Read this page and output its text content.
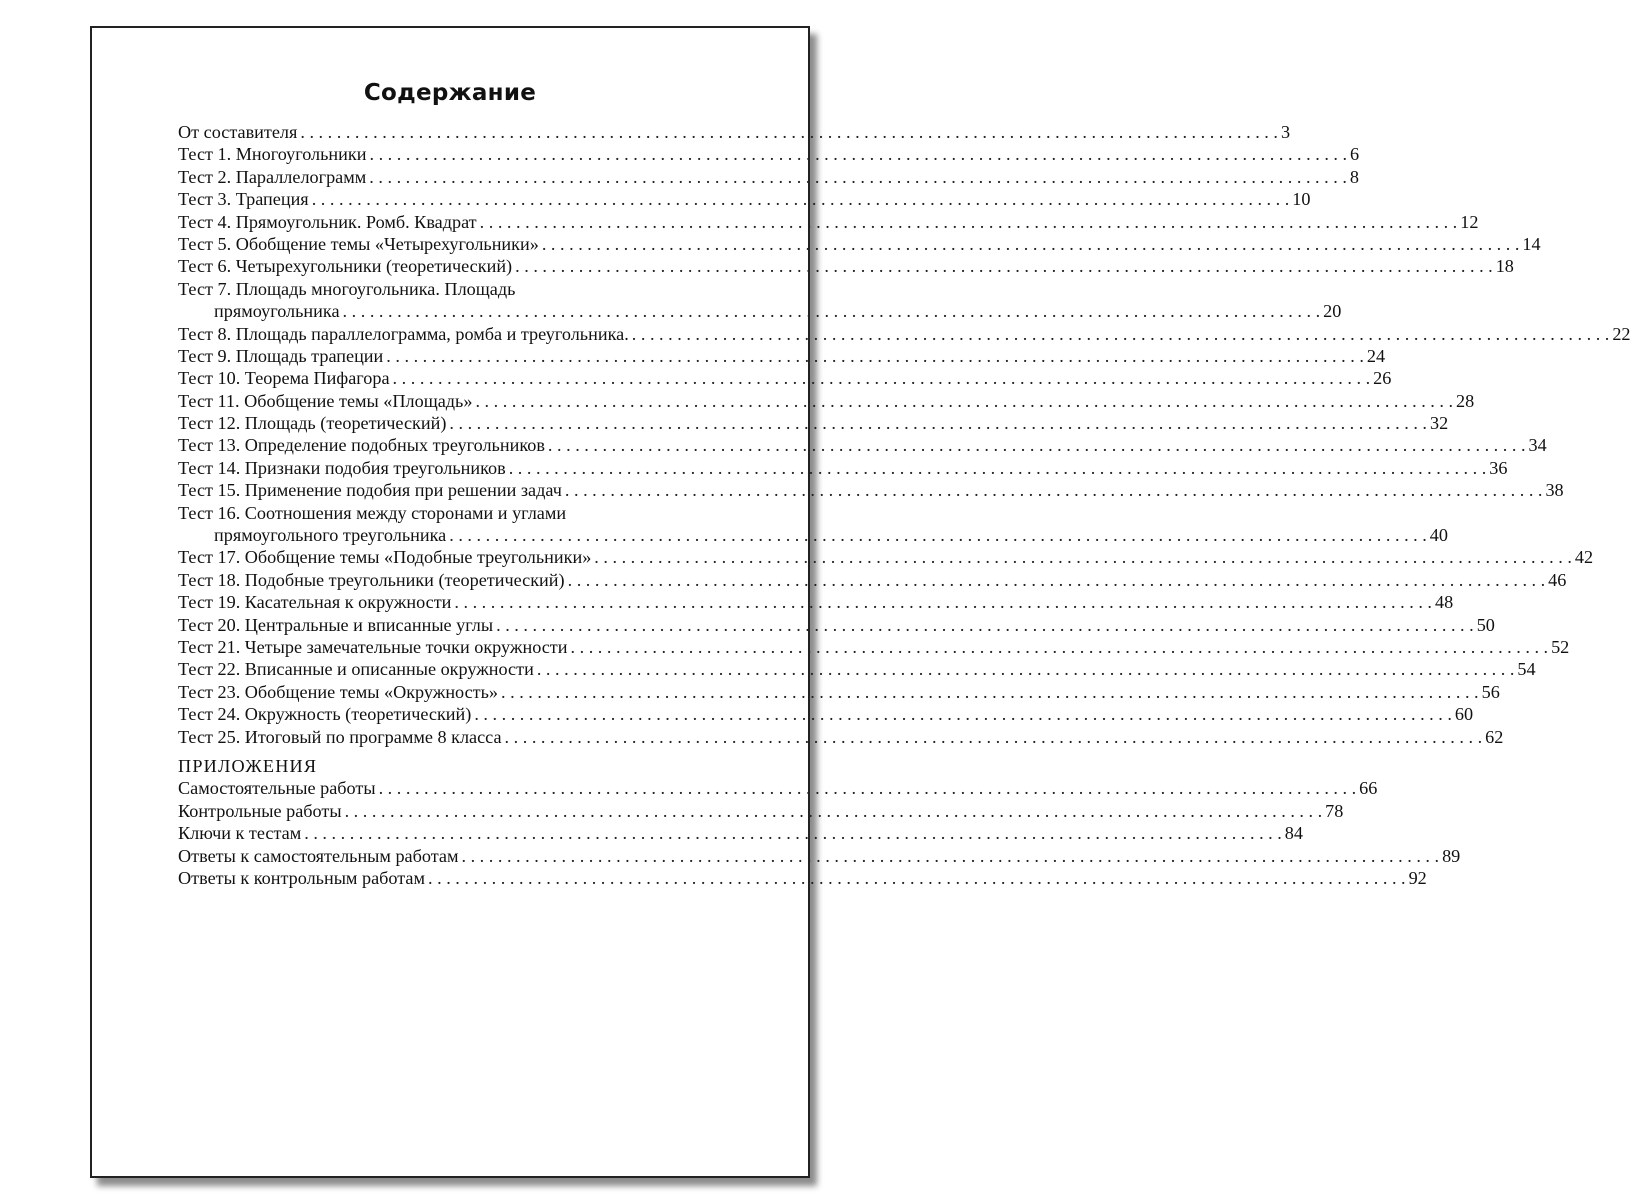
Содержание
От составителя . . .	3
Тест 1. Многоугольники . . .	6
Тест 2. Параллелограмм . . .	8
Тест 3. Трапеция . . .	10
Тест 4. Прямоугольник. Ромб. Квадрат . . .	12
Тест 5. Обобщение темы «Четырехугольники» . . .	14
Тест 6. Четырехугольники (теоретический) . . .	18
Тест 7. Площадь многоугольника. Площадь
прямоугольника . . .	20
Тест 8. Площадь параллелограмма, ромба и треугольника. . . .	22
Тест 9. Площадь трапеции . . .	24
Тест 10. Теорема Пифагора . . .	26
Тест 11. Обобщение темы «Площадь» . . .	28
Тест 12. Площадь (теоретический) . . .	32
Тест 13. Определение подобных треугольников . . .	34
Тест 14. Признаки подобия треугольников . . .	36
Тест 15. Применение подобия при решении задач . . .	38
Тест 16. Соотношения между сторонами и углами
прямоугольного треугольника . . .	40
Тест 17. Обобщение темы «Подобные треугольники» . . .	42
Тест 18. Подобные треугольники (теоретический) . . .	46
Тест 19. Касательная к окружности . . .	48
Тест 20. Центральные и вписанные углы . . .	50
Тест 21. Четыре замечательные точки окружности . . .	52
Тест 22. Вписанные и описанные окружности . . .	54
Тест 23. Обобщение темы «Окружность» . . .	56
Тест 24. Окружность (теоретический) . . .	60
Тест 25. Итоговый по программе 8 класса . . .	62
ПРИЛОЖЕНИЯ
Самостоятельные работы . . .	66
Контрольные работы . . .	78
Ключи к тестам . . .	84
Ответы к самостоятельным работам . . .	89
Ответы к контрольным работам . . .	92
